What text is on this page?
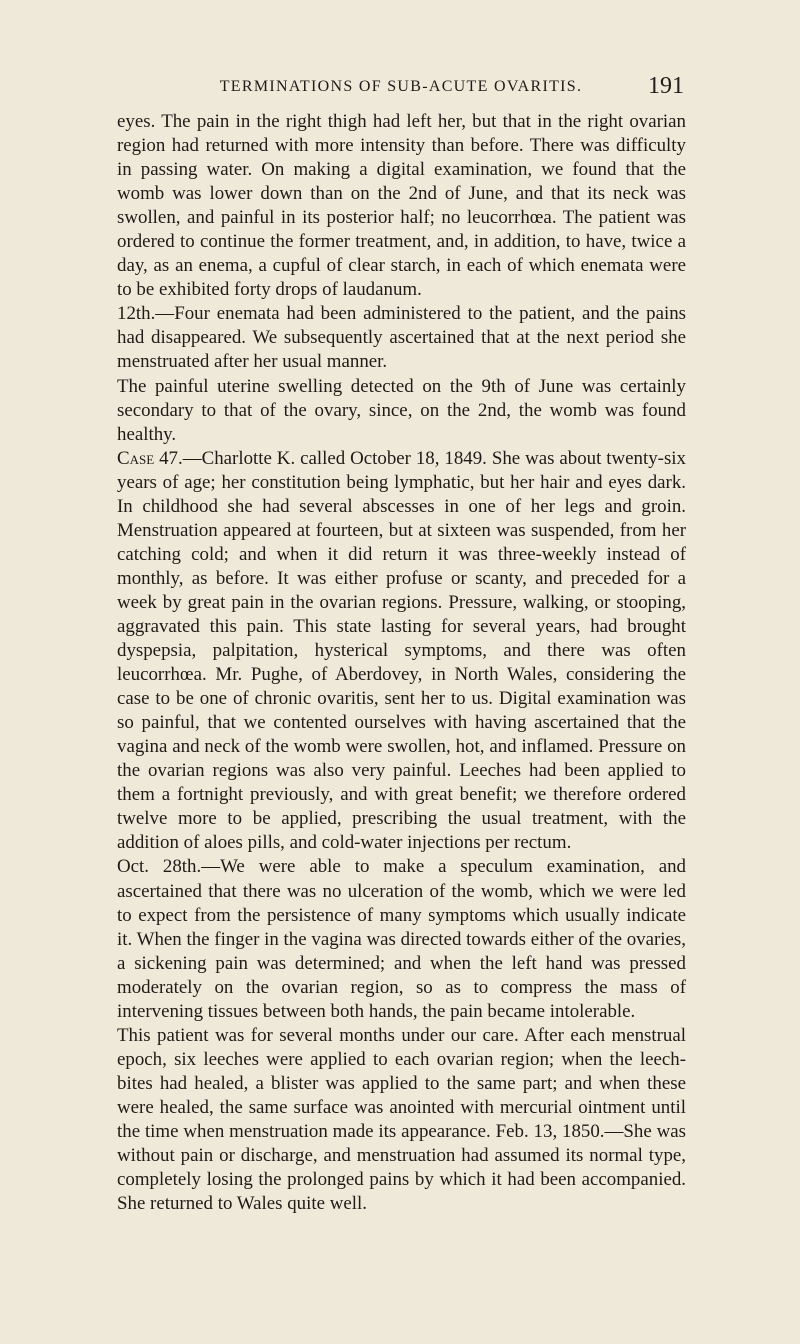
TERMINATIONS OF SUB-ACUTE OVARITIS.	191

eyes. The pain in the right thigh had left her, but that in the right ovarian region had returned with more intensity than before. There was difficulty in passing water. On making a digital examination, we found that the womb was lower down than on the 2nd of June, and that its neck was swollen, and painful in its posterior half; no leucorrhœa. The patient was ordered to continue the former treatment, and, in addition, to have, twice a day, as an enema, a cupful of clear starch, in each of which enemata were to be exhibited forty drops of laudanum.

12th.—Four enemata had been administered to the patient, and the pains had disappeared. We subsequently ascertained that at the next period she menstruated after her usual manner.

The painful uterine swelling detected on the 9th of June was certainly secondary to that of the ovary, since, on the 2nd, the womb was found healthy.

Case 47.—Charlotte K. called October 18, 1849. She was about twenty-six years of age; her constitution being lymphatic, but her hair and eyes dark. In childhood she had several abscesses in one of her legs and groin. Menstruation appeared at fourteen, but at sixteen was suspended, from her catching cold; and when it did return it was three-weekly instead of monthly, as before. It was either profuse or scanty, and preceded for a week by great pain in the ovarian regions. Pressure, walking, or stooping, aggravated this pain. This state lasting for several years, had brought dyspepsia, palpitation, hysterical symptoms, and there was often leucorrhœa. Mr. Pughe, of Aberdovey, in North Wales, considering the case to be one of chronic ovaritis, sent her to us. Digital examination was so painful, that we contented ourselves with having ascertained that the vagina and neck of the womb were swollen, hot, and inflamed. Pressure on the ovarian regions was also very painful. Leeches had been applied to them a fortnight previously, and with great benefit; we therefore ordered twelve more to be applied, prescribing the usual treatment, with the addition of aloes pills, and cold-water injections per rectum.

Oct. 28th.—We were able to make a speculum examination, and ascertained that there was no ulceration of the womb, which we were led to expect from the persistence of many symptoms which usually indicate it. When the finger in the vagina was directed towards either of the ovaries, a sickening pain was determined; and when the left hand was pressed moderately on the ovarian region, so as to compress the mass of intervening tissues between both hands, the pain became intolerable.

This patient was for several months under our care. After each menstrual epoch, six leeches were applied to each ovarian region; when the leech-bites had healed, a blister was applied to the same part; and when these were healed, the same surface was anointed with mercurial ointment until the time when menstruation made its appearance. Feb. 13, 1850.—She was without pain or discharge, and menstruation had assumed its normal type, completely losing the prolonged pains by which it had been accompanied. She returned to Wales quite well.
